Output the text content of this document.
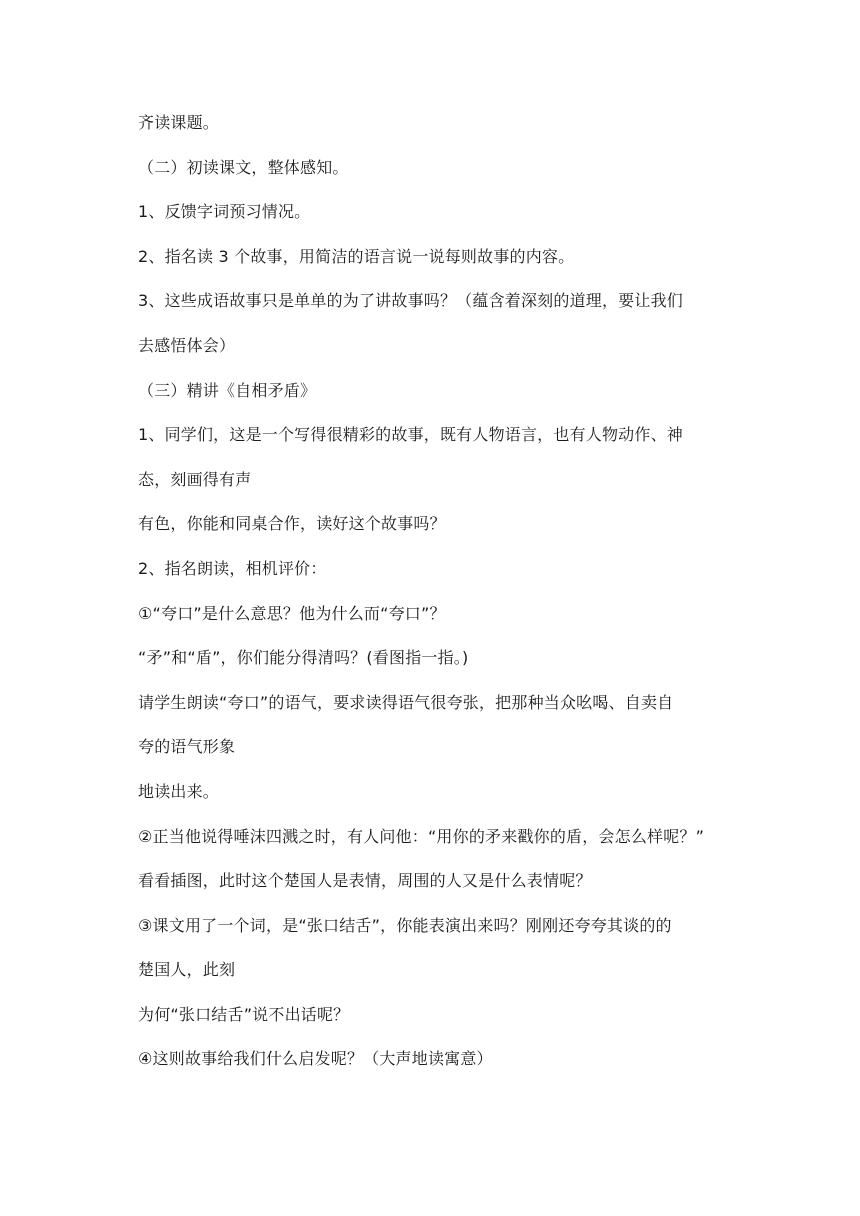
齐读课题。
（二）初读课文，整体感知。
1、反馈字词预习情况。
2、指名读 3 个故事，用简洁的语言说一说每则故事的内容。
3、这些成语故事只是单单的为了讲故事吗？（蕴含着深刻的道理，要让我们
去感悟体会）
（三）精讲《自相矛盾》
1、同学们，这是一个写得很精彩的故事，既有人物语言，也有人物动作、神
态，刻画得有声
有色，你能和同桌合作，读好这个故事吗？
2、指名朗读，相机评价：
①“夸口”是什么意思？他为什么而“夸口”？
“矛”和“盾”，你们能分得清吗？(看图指一指。)
请学生朗读“夸口”的语气，要求读得语气很夸张，把那种当众吆喝、自卖自
夸的语气形象
地读出来。
②正当他说得唾沫四溅之时，有人问他：“用你的矛来戳你的盾，会怎么样呢？”
看看插图，此时这个楚国人是表情，周围的人又是什么表情呢？
③课文用了一个词，是“张口结舌”，你能表演出来吗？刚刚还夸夸其谈的的
楚国人，此刻
为何“张口结舌”说不出话呢？
④这则故事给我们什么启发呢？（大声地读寓意）
